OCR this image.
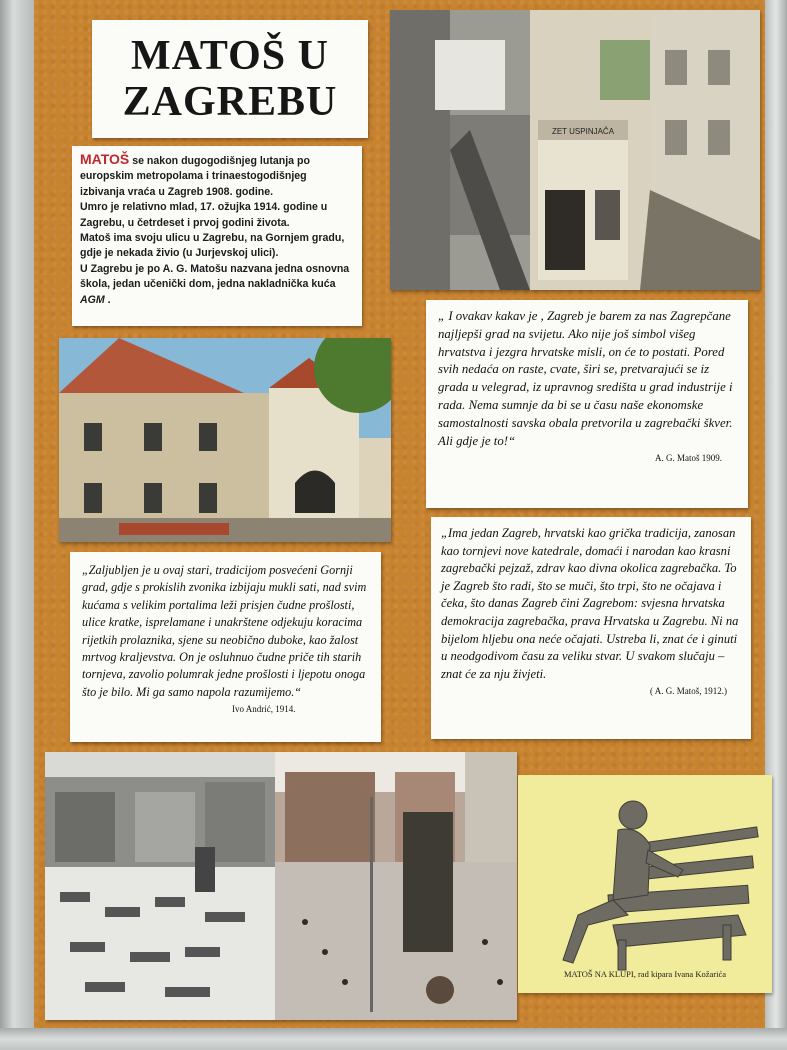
MATOŠ U
ZAGREBU
MATOŠ se nakon dugogodišnjeg lutanja po europskim metropolama i trinaestogodišnjeg izbivanja vraća u Zagreb 1908. godine.
Umro je relativno mlad, 17. ožujka 1914. godine u Zagrebu, u četrdeset i prvoj godini života.
Matoš ima svoju ulicu u Zagrebu, na Gornjem gradu, gdje je nekada živio (u Jurjevskoj ulici).
U Zagrebu je po A. G. Matošu nazvana jedna osnovna škola, jedan učenički dom, jedna nakladnička kuća AGM .
ZET USPINJAČA
„ I ovakav kakav je , Zagreb je barem za nas Zagrepčane najljepši grad na svijetu. Ako nije još simbol višeg hrvatstva i jezgra hrvatske misli, on će to postati. Pored svih nedaća on raste, cvate, širi se, pretvarajući se iz grada u velegrad, iz upravnog središta u grad industrije i rada. Nema sumnje da bi se u času naše ekonomske samostalnosti savska obala pretvorila u zagrebački škver. Ali gdje je to!“
A. G. Matoš 1909.
„Zaljubljen je u ovaj stari, tradicijom posvećeni Gornji grad, gdje s prokislih zvonika izbijaju mukli sati, nad svim kućama s velikim portalima leži prisjen čudne prošlosti, ulice kratke, isprelamane i unakrštene odjekuju koracima rijetkih prolaznika, sjene su neobično duboke, kao žalost mrtvog kraljevstva. On je osluhnuo čudne priče tih starih tornjeva, zavolio polumrak jedne prošlosti i ljepotu onoga što je bilo. Mi ga samo napola razumijemo.“
Ivo Andrić, 1914.
„Ima jedan Zagreb, hrvatski kao grička tradicija, zanosan kao tornjevi nove katedrale, domaći i narodan kao krasni zagrebački pejzaž, zdrav kao divna okolica zagrebačka. To je Zagreb što radi, što se muči, što trpi, što ne očajava i čeka, što danas Zagreb čini Zagrebom: svjesna hrvatska demokracija zagrebačka, prava Hrvatska u Zagrebu. Ni na bijelom hljebu ona neće očajati. Ustreba li, znat će i ginuti u neodgodivom času za veliku stvar. U svakom slučaju – znat će za nju živjeti.
( A. G. Matoš, 1912.)
MATOŠ NA KLUPI, rad kipara Ivana Kožarića
